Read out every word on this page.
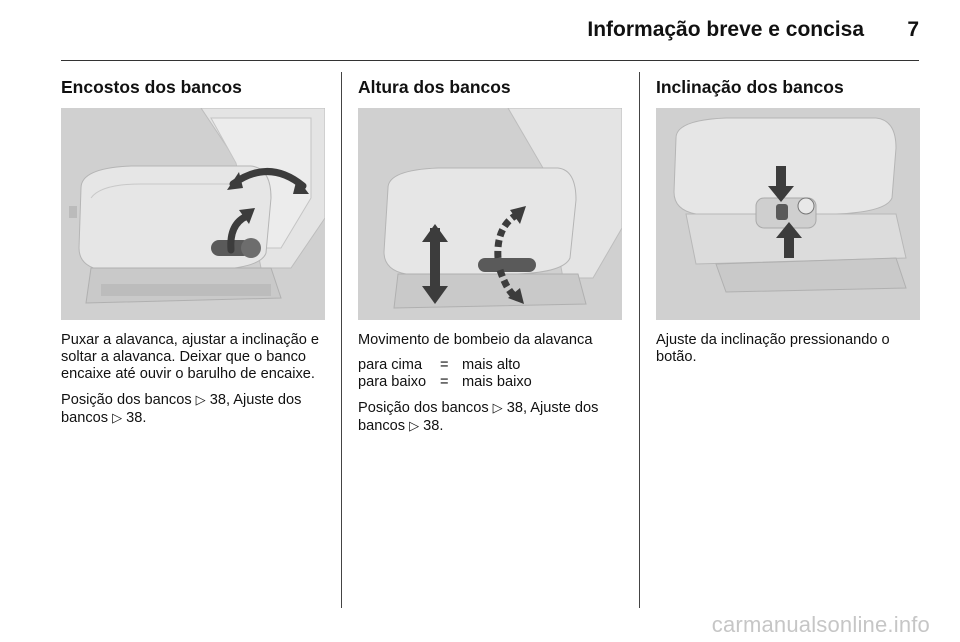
Informação breve e concisa 7
Encostos dos bancos

Puxar a alavanca, ajustar a inclinação e soltar a alavanca. Deixar que o banco encaixe até ouvir o barulho de encaixe.

Posição dos bancos ▷ 38, Ajuste dos bancos ▷ 38.

Altura dos bancos

Movimento de bombeio da alavanca

para cima	= mais alto
para baixo = mais baixo

Posição dos bancos ▷ 38, Ajuste dos bancos ▷ 38.

Inclinação dos bancos

Ajuste da inclinação pressionando o botão.

carmanualsonline.info
